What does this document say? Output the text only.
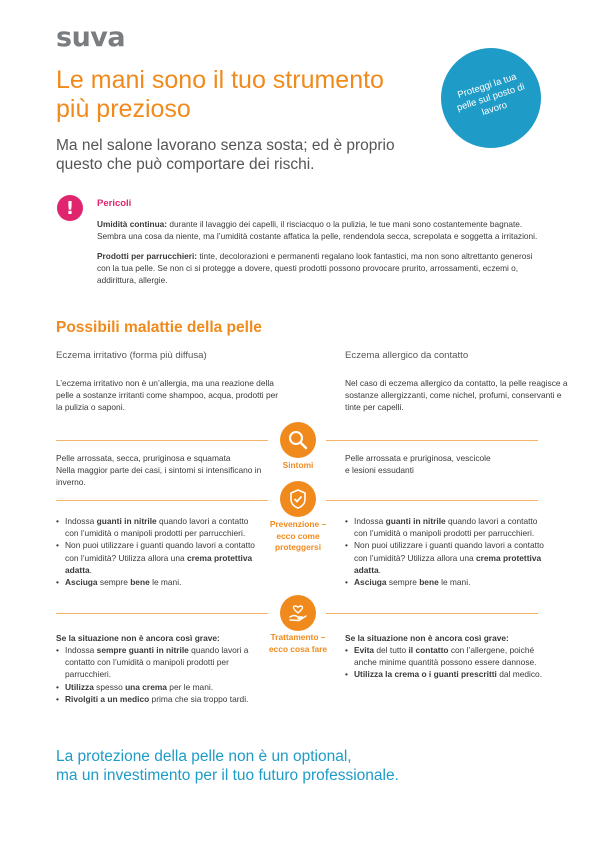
suva
Le mani sono il tuo strumento
più prezioso
Proteggi la tua pelle sul posto di lavoro

Ma nel salone lavorano senza sosta; ed è proprio
questo che può comportare dei rischi.

!	Pericoli

Umidità continua: durante il lavaggio dei capelli, il risciacquo o la pulizia, le tue mani sono costantemente bagnate. Sembra una cosa da niente, ma l’umidità costante affatica la pelle, rendendola secca, screpolata e soggetta a irritazioni.

Prodotti per parrucchieri: tinte, decolorazioni e permanenti regalano look fantastici, ma non sono altrettanto generosi con la tua pelle. Se non ci si protegge a dovere, questi prodotti possono provocare prurito, arrossamenti, eczemi o, addirittura, allergie.

Possibili malattie della pelle
Eczema irritativo (forma più diffusa)	Eczema allergico da contatto

L’eczema irritativo non è un’allergia, ma una reazione della pelle a sostanze irritanti come shampoo, acqua, prodotti per la pulizia o saponi.

Nel caso di eczema allergico da contatto, la pelle reagisce a sostanze allergizzanti, come nichel, profumi, conservanti e tinte per capelli.

Sintomi
Pelle arrossata, secca, pruriginosa e squamata
Nella maggior parte dei casi, i sintomi si intensificano in inverno.
Pelle arrossata e pruriginosa, vescicole
e lesioni essudanti
Prevenzione –
ecco come
proteggersi
• Indossa guanti in nitrile quando lavori a contatto con l’umidità o manipoli prodotti per parrucchieri.
• Non puoi utilizzare i guanti quando lavori a contatto con l’umidità? Utilizza allora una crema protettiva adatta.
• Asciuga sempre bene le mani.
• Indossa guanti in nitrile quando lavori a contatto con l’umidità o manipoli prodotti per parrucchieri.
• Non puoi utilizzare i guanti quando lavori a contatto con l’umidità? Utilizza allora una crema protettiva adatta.
• Asciuga sempre bene le mani.
Trattamento –
ecco cosa fare
Se la situazione non è ancora così grave:
• Indossa sempre guanti in nitrile quando lavori a contatto con l’umidità o manipoli prodotti per parrucchieri.
• Utilizza spesso una crema per le mani.
• Rivolgiti a un medico prima che sia troppo tardi.
Se la situazione non è ancora così grave:
• Evita del tutto il contatto con l’allergene, poiché anche minime quantità possono essere dannose.
• Utilizza la crema o i guanti prescritti dal medico.
La protezione della pelle non è un optional,
ma un investimento per il tuo futuro professionale.
